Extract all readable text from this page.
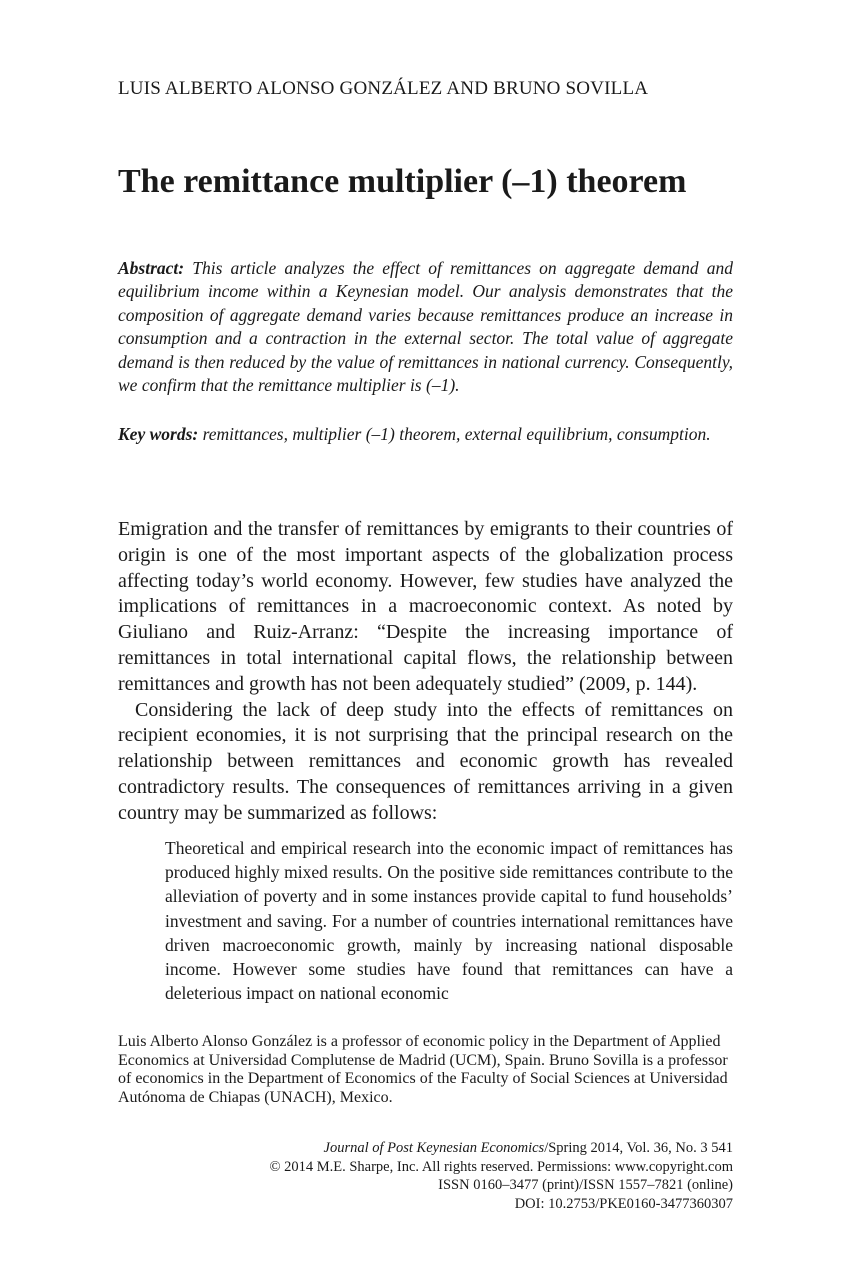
LUIS ALBERTO ALONSO GONZÁLEZ AND BRUNO SOVILLA
The remittance multiplier (–1) theorem
Abstract: This article analyzes the effect of remittances on aggregate demand and equilibrium income within a Keynesian model. Our analysis demonstrates that the composition of aggregate demand varies because remittances produce an increase in consumption and a contraction in the external sector. The total value of aggregate demand is then reduced by the value of remittances in national currency. Consequently, we confirm that the remittance multiplier is (–1).
Key words: remittances, multiplier (–1) theorem, external equilibrium, consumption.

Emigration and the transfer of remittances by emigrants to their countries of origin is one of the most important aspects of the globalization process affecting today’s world economy. However, few studies have analyzed the implications of remittances in a macroeconomic context. As noted by Giuliano and Ruiz-Arranz: “Despite the increasing importance of remittances in total international capital flows, the relationship between remittances and growth has not been adequately studied” (2009, p. 144).

Considering the lack of deep study into the effects of remittances on recipient economies, it is not surprising that the principal research on the relationship between remittances and economic growth has revealed contradictory results. The consequences of remittances arriving in a given country may be summarized as follows:

Theoretical and empirical research into the economic impact of remittances has produced highly mixed results. On the positive side remittances contribute to the alleviation of poverty and in some instances provide capital to fund households’ investment and saving. For a number of countries international remittances have driven macroeconomic growth, mainly by increasing national disposable income. However some studies have found that remittances can have a deleterious impact on national economic
Luis Alberto Alonso González is a professor of economic policy in the Department of Applied Economics at Universidad Complutense de Madrid (UCM), Spain. Bruno Sovilla is a professor of economics in the Department of Economics of the Faculty of Social Sciences at Universidad Autónoma de Chiapas (UNACH), Mexico.
Journal of Post Keynesian Economics/Spring 2014, Vol. 36, No. 3 541
© 2014 M.E. Sharpe, Inc. All rights reserved. Permissions: www.copyright.com
ISSN 0160–3477 (print)/ISSN 1557–7821 (online)
DOI: 10.2753/PKE0160-3477360307
